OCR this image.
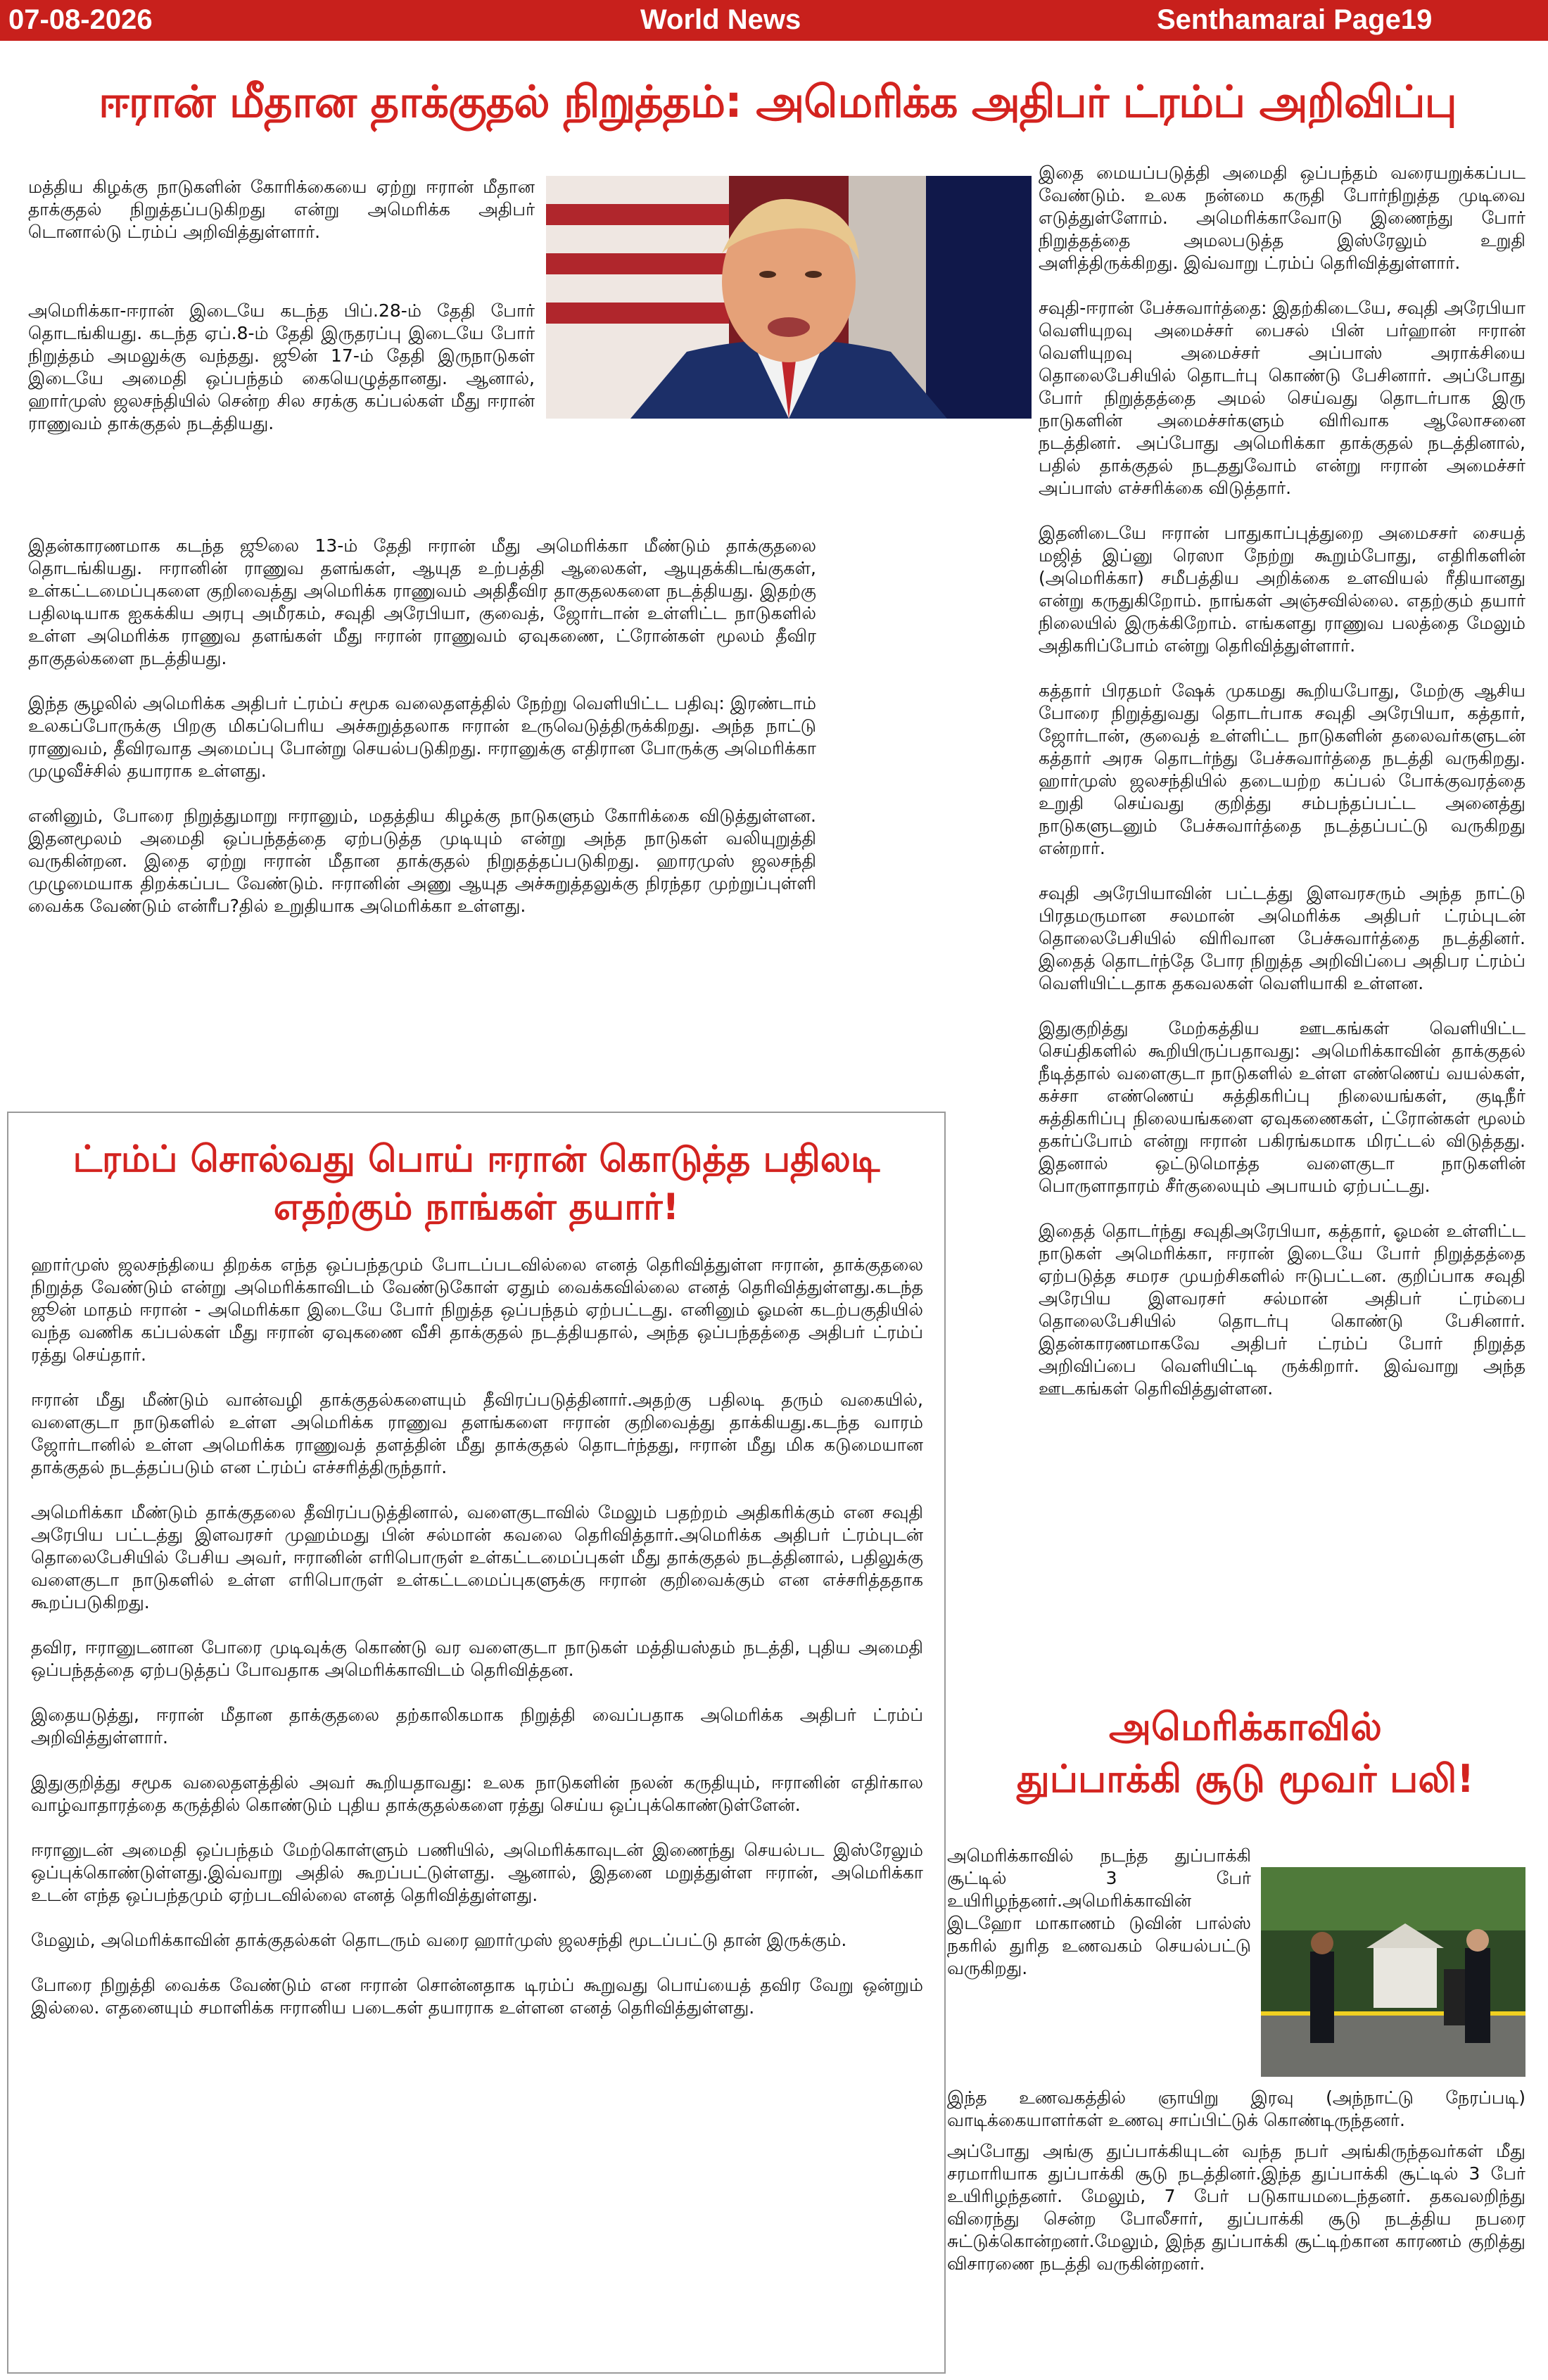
07-08-2026	World News	Senthamarai Page19
ஈரான் மீதான தாக்குதல் நிறுத்தம்: அமெரிக்க அதிபர் ட்ரம்ப் அறிவிப்பு

மத்திய கிழக்கு நாடுகளின் கோரிக்கையை ஏற்று ஈரான் மீதான தாக்குதல் நிறுத்தப்படுகிறது என்று அமெரிக்க அதிபர் டொனால்டு ட்ரம்ப் அறிவித்துள்ளார்.

அமெரிக்கா-ஈரான் இடையே கடந்த பிப்.28-ம் தேதி போர் தொடங்கியது. கடந்த ஏப்.8-ம் தேதி இருதரப்பு இடையே போர் நிறுத்தம் அமலுக்கு வந்தது. ஜூன் 17-ம் தேதி இருநாடுகள் இடையே அமைதி ஒப்பந்தம் கையெழுத்தானது. ஆனால், ஹார்முஸ் ஜலசந்தியில் சென்ற சில சரக்கு கப்பல்கள் மீது ஈரான் ராணுவம் தாக்குதல் நடத்தியது.

இதன்காரணமாக கடந்த ஜூலை 13-ம் தேதி ஈரான் மீது அமெரிக்கா மீண்டும் தாக்குதலை தொடங்கியது. ஈரானின் ராணுவ தளங்கள், ஆயுத உற்பத்தி ஆலைகள், ஆயுதக்கிடங்குகள், உள்கட்டமைப்புகளை குறிவைத்து அமெரிக்க ராணுவம் அதிதீவிர தாகுதலகளை நடத்தியது. இதற்கு பதிலடியாக ஐகக்கிய அரபு அமீரகம், சவுதி அரேபியா, குவைத், ஜோர்டான் உள்ளிட்ட நாடுகளில் உள்ள அமெரிக்க ராணுவ தளங்கள் மீது ஈரான் ராணுவம் ஏவுகணை, ட்ரோன்கள் மூலம் தீவிர தாகுதல்களை நடத்தியது.

இந்த சூழலில் அமெரிக்க அதிபர் ட்ரம்ப் சமூக வலைதளத்தில் நேற்று வெளியிட்ட பதிவு: இரண்டாம் உலகப்போருக்கு பிறகு மிகப்பெரிய அச்சுறுத்தலாக ஈரான் உருவெடுத்திருக்கிறது. அந்த நாட்டு ராணுவம், தீவிரவாத அமைப்பு போன்று செயல்படுகிறது. ஈரானுக்கு எதிரான போருக்கு அமெரிக்கா முழுவீச்சில் தயாராக உள்ளது.

எனினும், போரை நிறுத்துமாறு ஈரானும், மதத்திய கிழக்கு நாடுகளும் கோரிக்கை விடுத்துள்ளன. இதனமூலம் அமைதி ஒப்பந்தத்தை ஏற்படுத்த முடியும் என்று அந்த நாடுகள் வலியுறுத்தி வருகின்றன. இதை ஏற்று ஈரான் மீதான தாக்குதல் நிறுதத்தப்படுகிறது. ஹாரமுஸ் ஜலசந்தி முழுமையாக திறக்கப்பட வேண்டும். ஈரானின் அணு ஆயுத அச்சுறுத்தலுக்கு நிரந்தர முற்றுப்புள்ளி வைக்க வேண்டும் என்ரீப?தில் உறுதியாக அமெரிக்கா உள்ளது.

இதை மையப்படுத்தி அமைதி ஒப்பந்தம் வரையறுக்கப்பட வேண்டும். உலக நன்மை கருதி போர்நிறுத்த முடிவை எடுத்துள்ளோம். அமெரிக்காவோடு இணைந்து போர் நிறுத்தத்தை அமலபடுத்த இஸ்ரேலும் உறுதி அளித்திருக்கிறது. இவ்வாறு ட்ரம்ப் தெரிவித்துள்ளார்.

சவுதி-ஈரான் பேச்சுவார்த்தை: இதற்கிடையே, சவுதி அரேபியா வெளியுறவு அமைச்சர் பைசல் பின் பர்ஹான் ஈரான் வெளியுறவு அமைச்சர் அப்பாஸ் அராக்சியை தொலைபேசியில் தொடர்பு கொண்டு பேசினார். அப்போது போர் நிறுத்தத்தை அமல் செய்வது தொடர்பாக இரு நாடுகளின் அமைச்சர்களும் விரிவாக ஆலோசனை நடத்தினர். அப்போது அமெரிக்கா தாக்குதல் நடத்தினால், பதில் தாக்குதல் நடததுவோம் என்று ஈரான் அமைச்சர் அப்பாஸ் எச்சரிக்கை விடுத்தார்.

இதனிடையே ஈரான் பாதுகாப்புத்துறை அமைசசர் சையத் மஜித் இப்னு ரெஸா நேற்று கூறும்போது, எதிரிகளின் (அமெரிக்கா) சமீபத்திய அறிக்கை உளவியல் ரீதியானது என்று கருதுகிறோம். நாங்கள் அஞ்சவில்லை. எதற்கும் தயார் நிலையில் இருக்கிறோம். எங்களது ராணுவ பலத்தை மேலும் அதிகரிப்போம் என்று தெரிவித்துள்ளார்.

கத்தார் பிரதமர் ஷேக் முகமது கூறியபோது, மேற்கு ஆசிய போரை நிறுத்துவது தொடர்பாக சவுதி அரேபியா, கத்தார், ஜோர்டான், குவைத் உள்ளிட்ட நாடுகளின் தலைவர்களுடன் கத்தார் அரசு தொடர்ந்து பேச்சுவார்த்தை நடத்தி வருகிறது. ஹார்முஸ் ஜலசந்தியில் தடையற்ற கப்பல் போக்குவரத்தை உறுதி செய்வது குறித்து சம்பந்தப்பட்ட அனைத்து நாடுகளுடனும் பேச்சுவார்த்தை நடத்தப்பட்டு வருகிறது என்றார்.

சவுதி அரேபியாவின் பட்டத்து இளவரசரும் அந்த நாட்டு பிரதமருமான சலமான் அமெரிக்க அதிபர் ட்ரம்புடன் தொலைபேசியில் விரிவான பேச்சுவார்த்தை நடத்தினர். இதைத் தொடர்ந்தே போர நிறுத்த அறிவிப்பை அதிபர ட்ரம்ப் வெளியிட்டதாக தகவலகள் வெளியாகி உள்ளன.

இதுகுறித்து மேற்கத்திய ஊடகங்கள் வெளியிட்ட செய்திகளில் கூறியிருப்பதாவது: அமெரிக்காவின் தாக்குதல் நீடித்தால் வளைகுடா நாடுகளில் உள்ள எண்ணெய் வயல்கள், கச்சா எண்ணெய் சுத்திகரிப்பு நிலையங்கள், குடிநீர் சுத்திகரிப்பு நிலையங்களை ஏவுகணைகள், ட்ரோன்கள் மூலம் தகர்ப்போம் என்று ஈரான் பகிரங்கமாக மிரட்டல் விடுத்தது. இதனால் ஒட்டுமொத்த வளைகுடா நாடுகளின் பொருளாதாரம் சீர்குலையும் அபாயம் ஏற்பட்டது.

இதைத் தொடர்ந்து சவுதிஅரேபியா, கத்தார், ஓமன் உள்ளிட்ட நாடுகள் அமெரிக்கா, ஈரான் இடையே போர் நிறுத்தத்தை ஏற்படுத்த சமரச முயற்சிகளில் ஈடுபட்டன. குறிப்பாக சவுதி அரேபிய இளவரசர் சல்மான் அதிபர் ட்ரம்பை தொலைபேசியில் தொடர்பு கொண்டு பேசினார். இதன்காரணமாகவே அதிபர் ட்ரம்ப் போர் நிறுத்த அறிவிப்பை வெளியிட்டி ருக்கிறார். இவ்வாறு அந்த ஊடகங்கள் தெரிவித்துள்ளன.

ட்ரம்ப் சொல்வது பொய் ஈரான் கொடுத்த பதிலடி
எதற்கும் நாங்கள் தயார்!

ஹார்முஸ் ஜலசந்தியை திறக்க எந்த ஒப்பந்தமும் போடப்படவில்லை எனத் தெரிவித்துள்ள ஈரான், தாக்குதலை நிறுத்த வேண்டும் என்று அமெரிக்காவிடம் வேண்டுகோள் ஏதும் வைக்கவில்லை எனத் தெரிவித்துள்ளது.கடந்த ஜூன் மாதம் ஈரான் - அமெரிக்கா இடையே போர் நிறுத்த ஒப்பந்தம் ஏற்பட்டது. எனினும் ஓமன் கடற்பகுதியில் வந்த வணிக கப்பல்கள் மீது ஈரான் ஏவுகணை வீசி தாக்குதல் நடத்தியதால், அந்த ஒப்பந்தத்தை அதிபர் ட்ரம்ப் ரத்து செய்தார்.

ஈரான் மீது மீண்டும் வான்வழி தாக்குதல்களையும் தீவிரப்படுத்தினார்.அதற்கு பதிலடி தரும் வகையில், வளைகுடா நாடுகளில் உள்ள அமெரிக்க ராணுவ தளங்களை ஈரான் குறிவைத்து தாக்கியது.கடந்த வாரம் ஜோர்டானில் உள்ள அமெரிக்க ராணுவத் தளத்தின் மீது தாக்குதல் தொடர்ந்தது, ஈரான் மீது மிக கடுமையான தாக்குதல் நடத்தப்படும் என ட்ரம்ப் எச்சரித்திருந்தார்.

அமெரிக்கா மீண்டும் தாக்குதலை தீவிரப்படுத்தினால், வளைகுடாவில் மேலும் பதற்றம் அதிகரிக்கும் என சவுதி அரேபிய பட்டத்து இளவரசர் முஹம்மது பின் சல்மான் கவலை தெரிவித்தார்.அமெரிக்க அதிபர் ட்ரம்புடன் தொலைபேசியில் பேசிய அவர், ஈரானின் எரிபொருள் உள்கட்டமைப்புகள் மீது தாக்குதல் நடத்தினால், பதிலுக்கு வளைகுடா நாடுகளில் உள்ள எரிபொருள் உள்கட்டமைப்புகளுக்கு ஈரான் குறிவைக்கும் என எச்சரித்ததாக கூறப்படுகிறது.

தவிர, ஈரானுடனான போரை முடிவுக்கு கொண்டு வர வளைகுடா நாடுகள் மத்தியஸ்தம் நடத்தி, புதிய அமைதி ஒப்பந்தத்தை ஏற்படுத்தப் போவதாக அமெரிக்காவிடம் தெரிவித்தன.

இதையடுத்து, ஈரான் மீதான தாக்குதலை தற்காலிகமாக நிறுத்தி வைப்பதாக அமெரிக்க அதிபர் ட்ரம்ப் அறிவித்துள்ளார்.

இதுகுறித்து சமூக வலைதளத்தில் அவர் கூறியதாவது: உலக நாடுகளின் நலன் கருதியும், ஈரானின் எதிர்கால வாழ்வாதாரத்தை கருத்தில் கொண்டும் புதிய தாக்குதல்களை ரத்து செய்ய ஒப்புக்கொண்டுள்ளேன்.

ஈரானுடன் அமைதி ஒப்பந்தம் மேற்கொள்ளும் பணியில், அமெரிக்காவுடன் இணைந்து செயல்பட இஸ்ரேலும் ஒப்புக்கொண்டுள்ளது.இவ்வாறு அதில் கூறப்பட்டுள்ளது. ஆனால், இதனை மறுத்துள்ள ஈரான், அமெரிக்கா உடன் எந்த ஒப்பந்தமும் ஏற்படவில்லை எனத் தெரிவித்துள்ளது.

மேலும், அமெரிக்காவின் தாக்குதல்கள் தொடரும் வரை ஹார்முஸ் ஜலசந்தி மூடப்பட்டு தான் இருக்கும்.

போரை நிறுத்தி வைக்க வேண்டும் என ஈரான் சொன்னதாக டிரம்ப் கூறுவது பொய்யைத் தவிர வேறு ஒன்றும் இல்லை. எதனையும் சமாளிக்க ஈரானிய படைகள் தயாராக உள்ளன எனத் தெரிவித்துள்ளது.

அமெரிக்காவில்
துப்பாக்கி சூடு மூவர் பலி!

அமெரிக்காவில் நடந்த துப்பாக்கி சூட்டில் 3 பேர் உயிரிழந்தனர்.அமெரிக்காவின் இடஹோ மாகாணம் டுவின் பால்ஸ் நகரில் துரித உணவகம் செயல்பட்டு வருகிறது.

இந்த உணவகத்தில் ஞாயிறு இரவு (அந்நாட்டு நேரப்படி) வாடிக்கையாளர்கள் உணவு சாப்பிட்டுக் கொண்டிருந்தனர்.

அப்போது அங்கு துப்பாக்கியுடன் வந்த நபர் அங்கிருந்தவர்கள் மீது சரமாரியாக துப்பாக்கி சூடு நடத்தினர்.இந்த துப்பாக்கி சூட்டில் 3 பேர் உயிரிழந்தனர். மேலும், 7 பேர் படுகாயமடைந்தனர். தகவலறிந்து விரைந்து சென்ற போலீசார், துப்பாக்கி சூடு நடத்திய நபரை சுட்டுக்கொன்றனர்.மேலும், இந்த துப்பாக்கி சூட்டிற்கான காரணம் குறித்து விசாரணை நடத்தி வருகின்றனர்.
